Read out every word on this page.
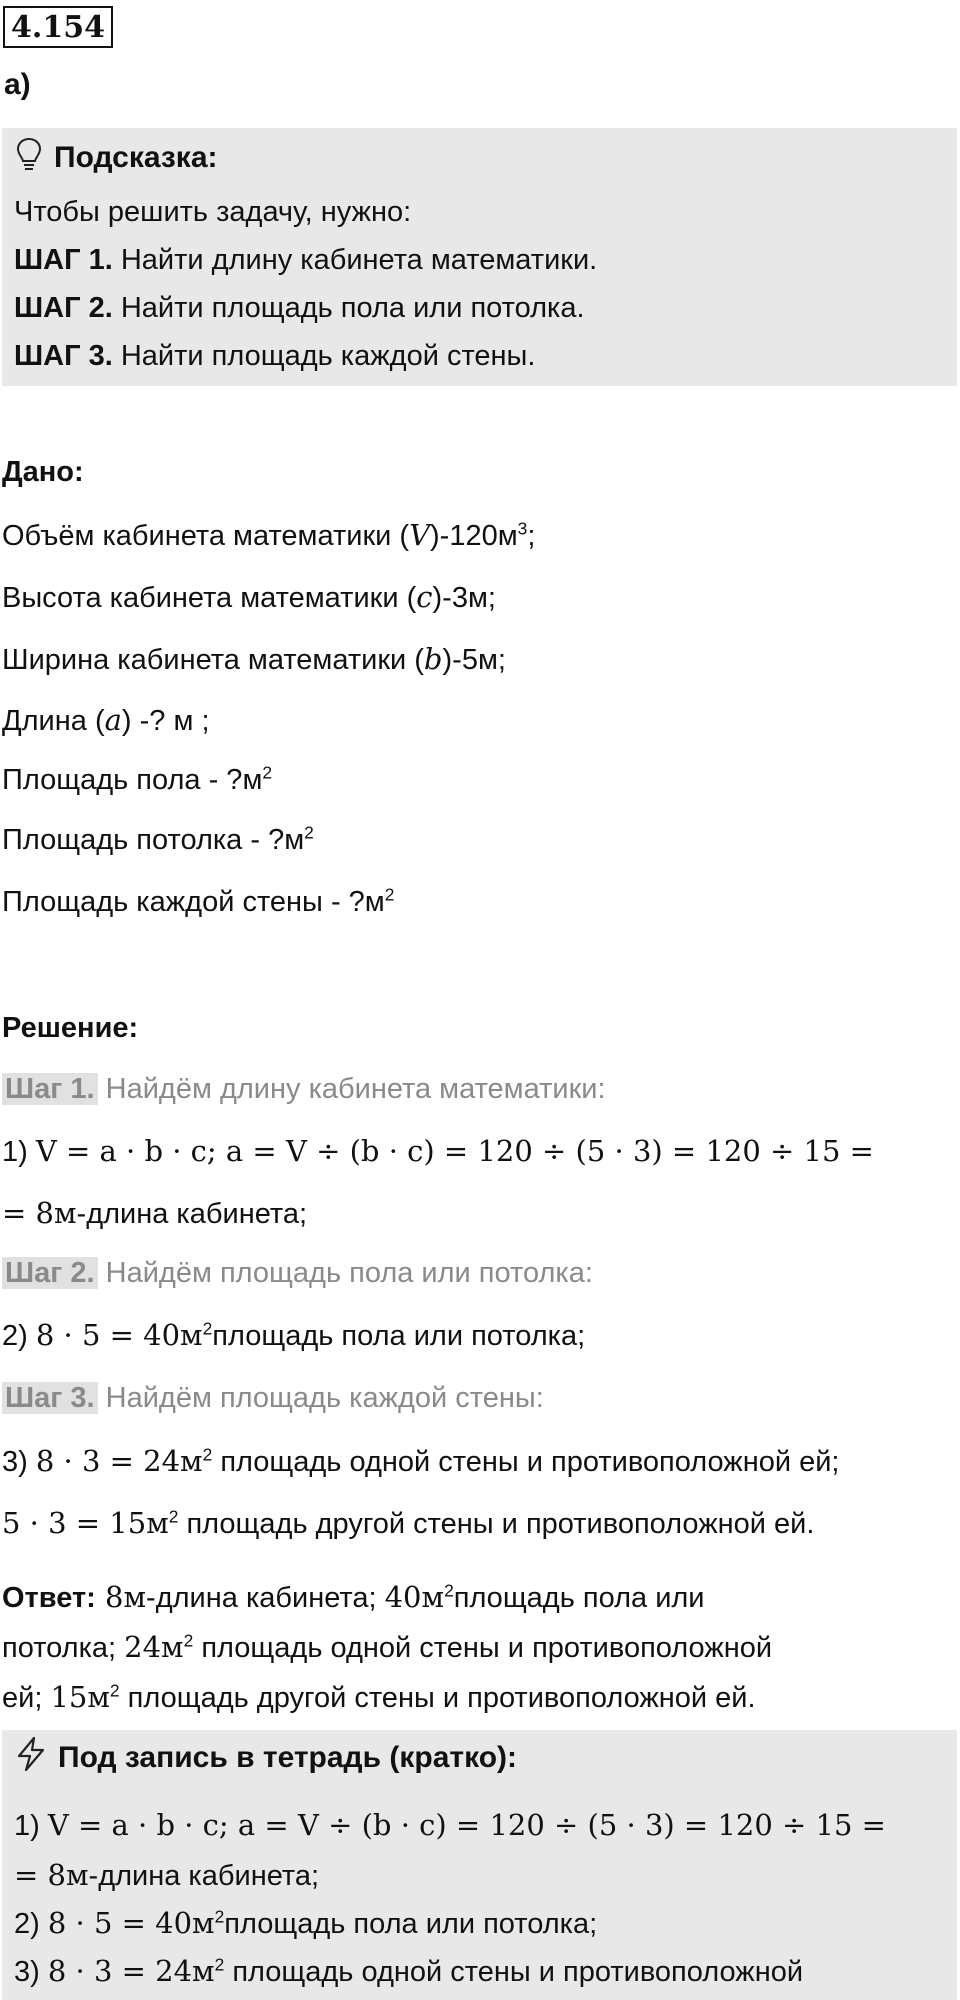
4.154
а)
Подсказка:
Чтобы решить задачу, нужно:
ШАГ 1. Найти длину кабинета математики.
ШАГ 2. Найти площадь пола или потолка.
ШАГ 3. Найти площадь каждой стены.
Дано:
Объём кабинета математики $(V)-120м^3$;
Высота кабинета математики (c)-3м;
Ширина кабинета математики (b)-5м;
Длина (a) -? м ;
Площадь пола - $?м^2$
Площадь потолка - $?м^2$
Площадь каждой стены - $?м^2$
Решение:
Шаг 1. Найдём длину кабинета математики:
1) V = a · b · c; a = V ÷ (b · c) = 120 ÷ (5 · 3) = 120 ÷ 15 =
= 8м-длина кабинета;
Шаг 2. Найдём площадь пола или потолка:
2) $8 \cdot 5 = 40м^2площадь$ пола или потолка;
Шаг 3. Найдём площадь каждой стены:
3) $8 \cdot 3 = 24м^2$ площадь одной стены и противоположной ей;
$5 \cdot 3 = 15м^2$ площадь другой стены и противоположной ей.
Ответ: 8м-длина кабинета; $40м^2площадь$ пола или
потолка; $24м^2$ площадь одной стены и противоположной
ей; $15м^2$ площадь другой стены и противоположной ей.
Под запись в тетрадь (кратко):
1) V = a · b · c; a = V ÷ (b · c) = 120 ÷ (5 · 3) = 120 ÷ 15 =
= 8м-длина кабинета;
2) $8 \cdot 5 = 40м^2площадь$ пола или потолка;
3) $8 \cdot 3 = 24м^2$ площадь одной стены и противоположной
